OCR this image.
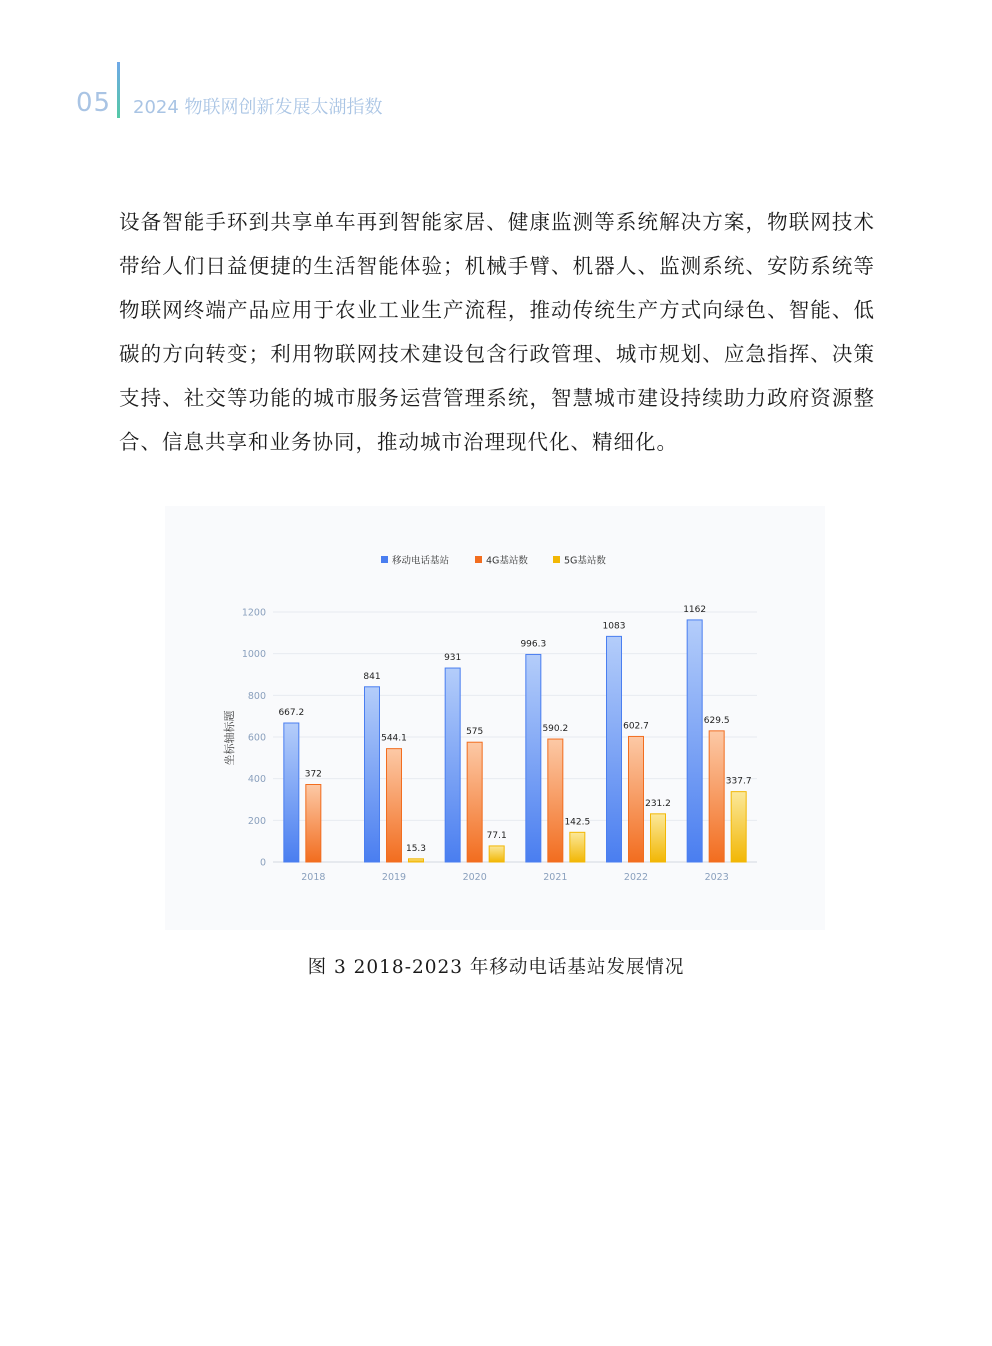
05 2024 物联网创新发展太湖指数

设备智能手环到共享单车再到智能家居、健康监测等系统解决方案，物联网技术带给人们日益便捷的生活智能体验；机械手臂、机器人、监测系统、安防系统等物联网终端产品应用于农业工业生产流程，推动传统生产方式向绿色、智能、低碳的方向转变；利用物联网技术建设包含行政管理、城市规划、应急指挥、决策支持、社交等功能的城市服务运营管理系统，智慧城市建设持续助力政府资源整合、信息共享和业务协同，推动城市治理现代化、精细化。

移动电话基站	4G基站数	5G基站数
0
200
400
600
800
1000
1200
坐标轴标题	667.2
372
841
544.1
15.3
931
575
77.1
996.3
590.2
142.5
1083
602.7
231.2
1162
629.5
337.7
2018	2019	2020	2021	2022	2023
图 3 2018-2023 年移动电话基站发展情况
